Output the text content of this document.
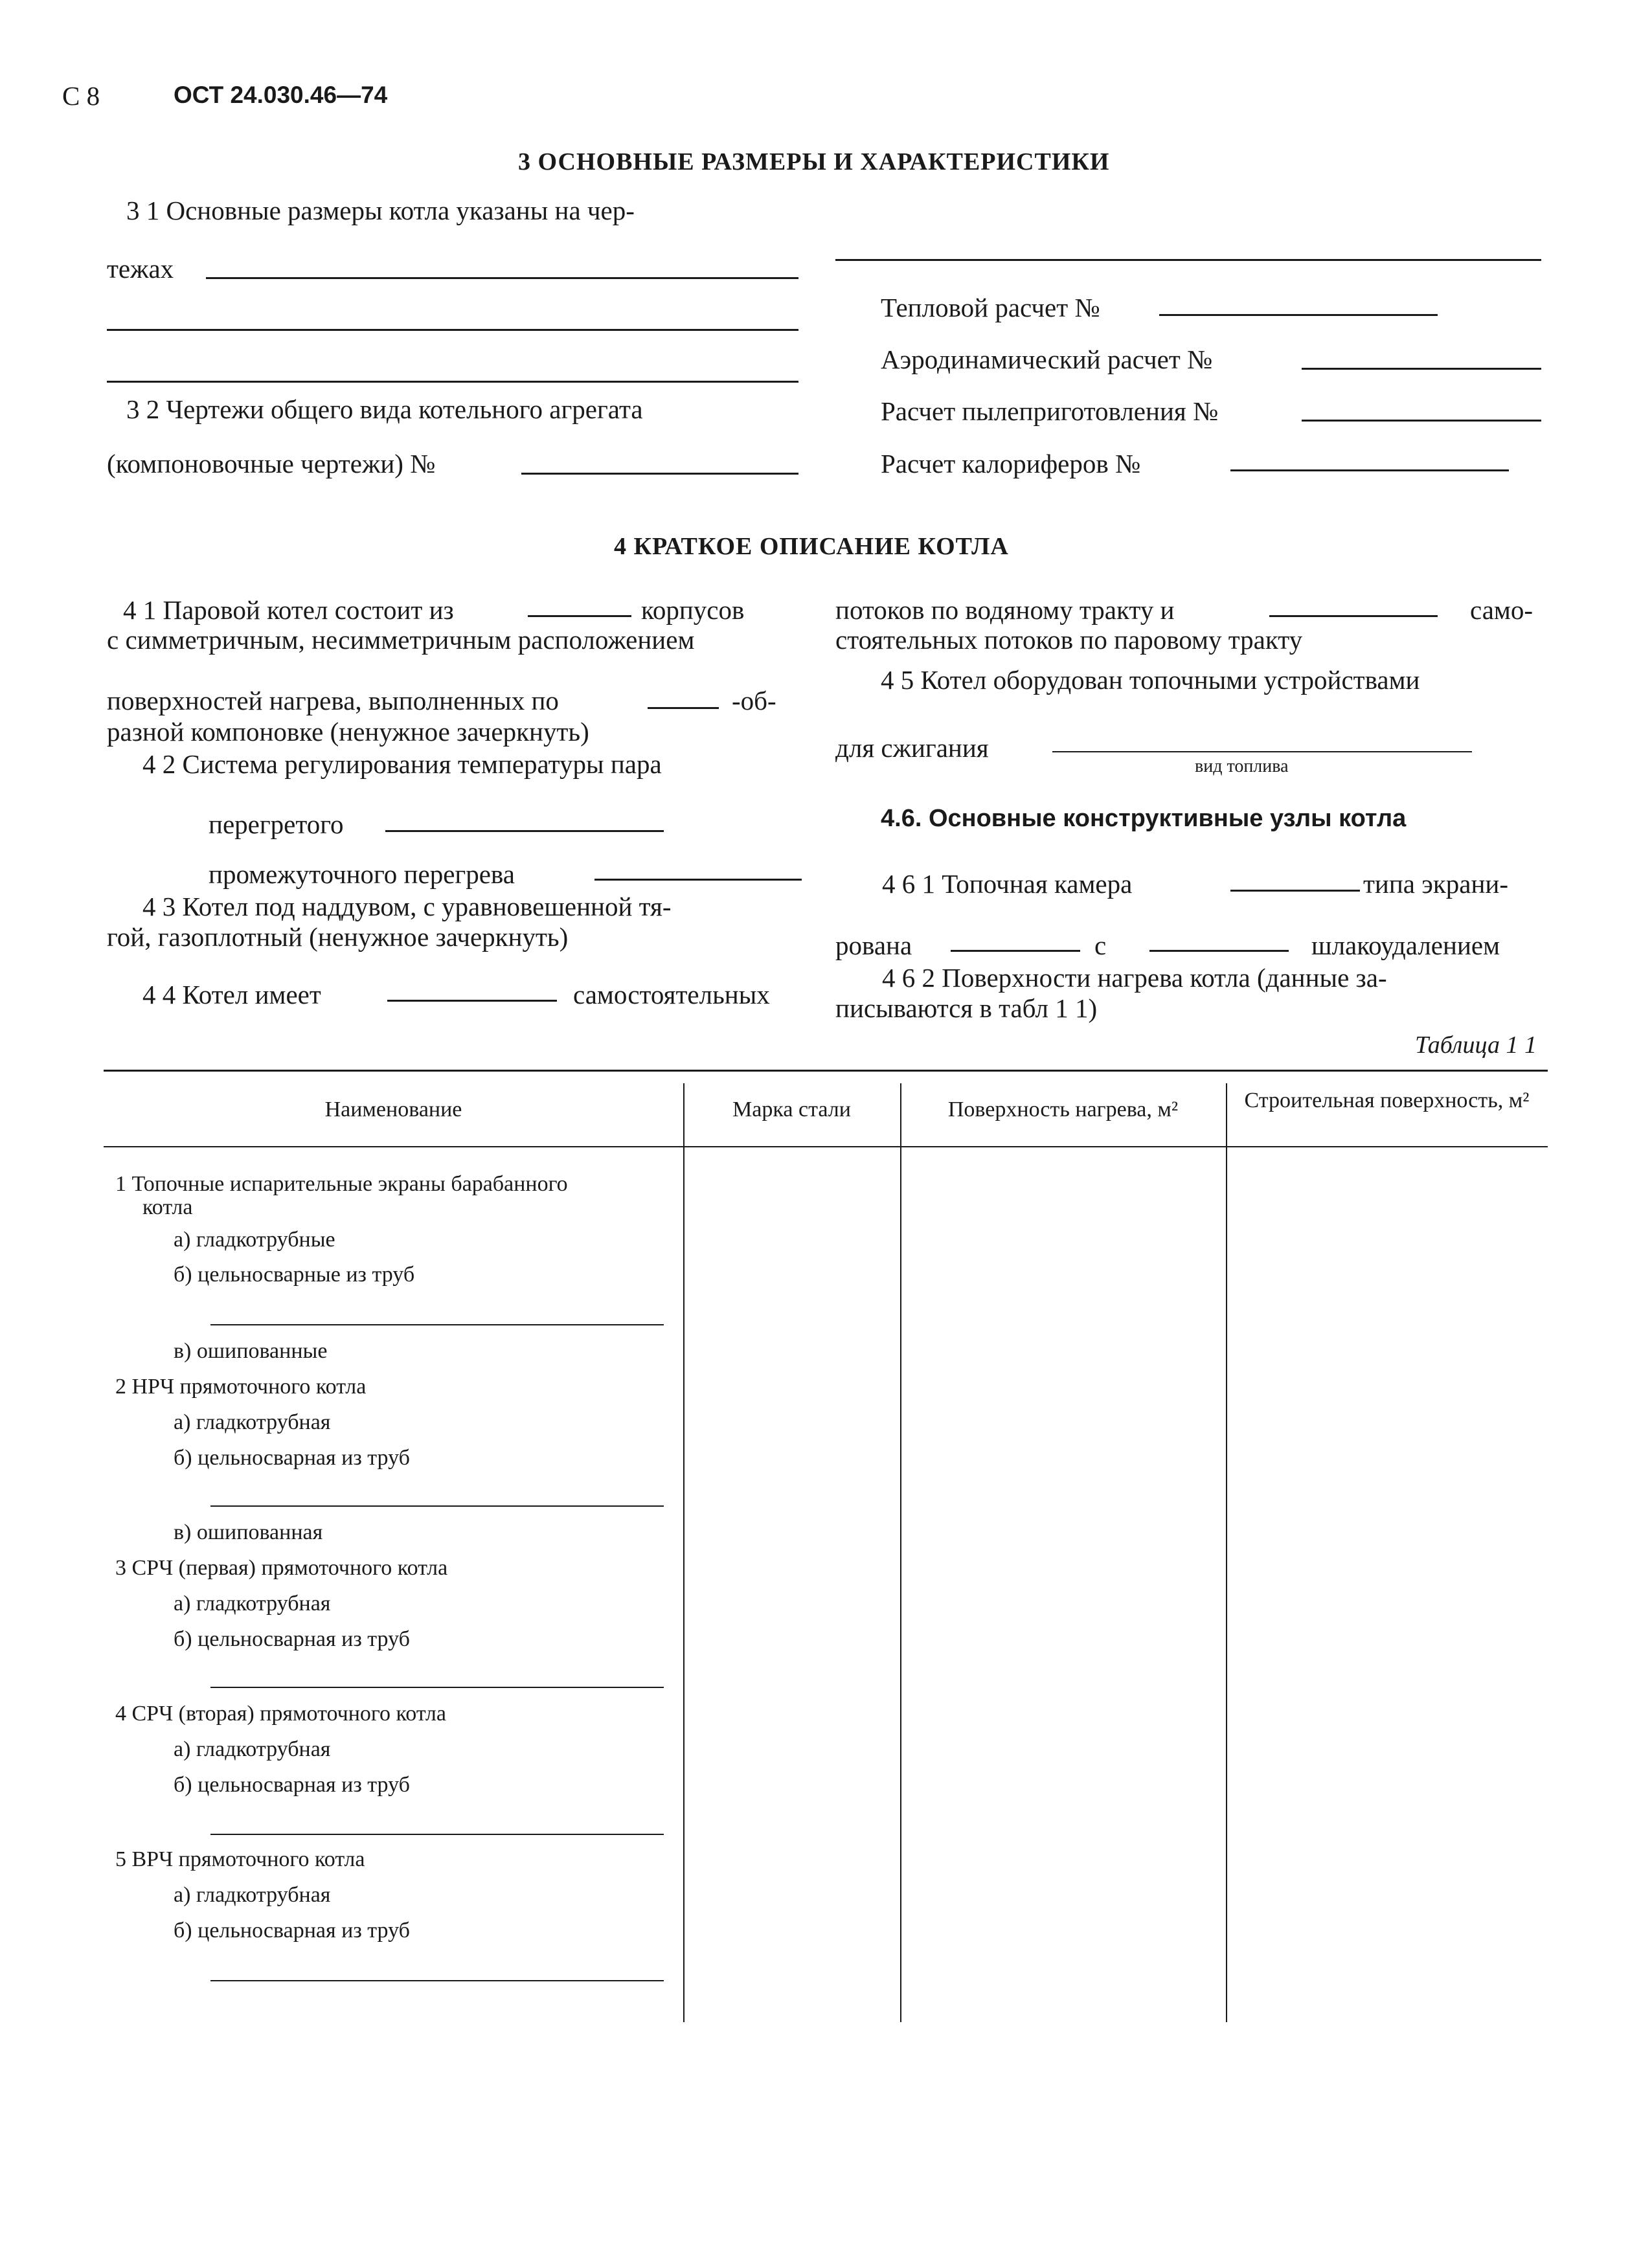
С 8	ОСТ 24.030.46—74
3 ОСНОВНЫЕ РАЗМЕРЫ И ХАРАКТЕРИСТИКИ
3 1 Основные размеры котла указаны на чер-
тежах
3 2 Чертежи общего вида котельного агрегата
(компоновочные чертежи) №
Тепловой расчет №
Аэродинамический расчет №
Расчет пылеприготовления №
Расчет калориферов №
4 КРАТКОЕ ОПИСАНИЕ КОТЛА
4 1 Паровой котел состоит из	корпусов
с симметричным, несимметричным расположением
поверхностей нагрева, выполненных по	-об-
разной компоновке (ненужное зачеркнуть)
4 2 Система регулирования температуры пара
перегретого
промежуточного перегрева
4 3 Котел под наддувом, с уравновешенной тя-
гой, газоплотный (ненужное зачеркнуть)
4 4 Котел имеет	самостоятельных
потоков по водяному тракту и	само-
стоятельных потоков по паровому тракту
4 5 Котел оборудован топочными устройствами
для сжигания
вид топлива
4.6. Основные конструктивные узлы котла
4 6 1 Топочная камера	типа экрани-
рована	с	шлакоудалением
4 6 2 Поверхности нагрева котла (данные за-
писываются в табл 1 1)
Таблица 1 1
Наименование	Марка стали	Поверхность нагрева, м²	Строительная поверхность, м²
1 Топочные испарительные экраны барабанного
котла
а) гладкотрубные
б) цельносварные из труб
в) ошипованные
2 НРЧ прямоточного котла
а) гладкотрубная
б) цельносварная из труб
в) ошипованная
3 СРЧ (первая) прямоточного котла
а) гладкотрубная
б) цельносварная из труб
4 СРЧ (вторая) прямоточного котла
а) гладкотрубная
б) цельносварная из труб
5 ВРЧ прямоточного котла
а) гладкотрубная
б) цельносварная из труб
